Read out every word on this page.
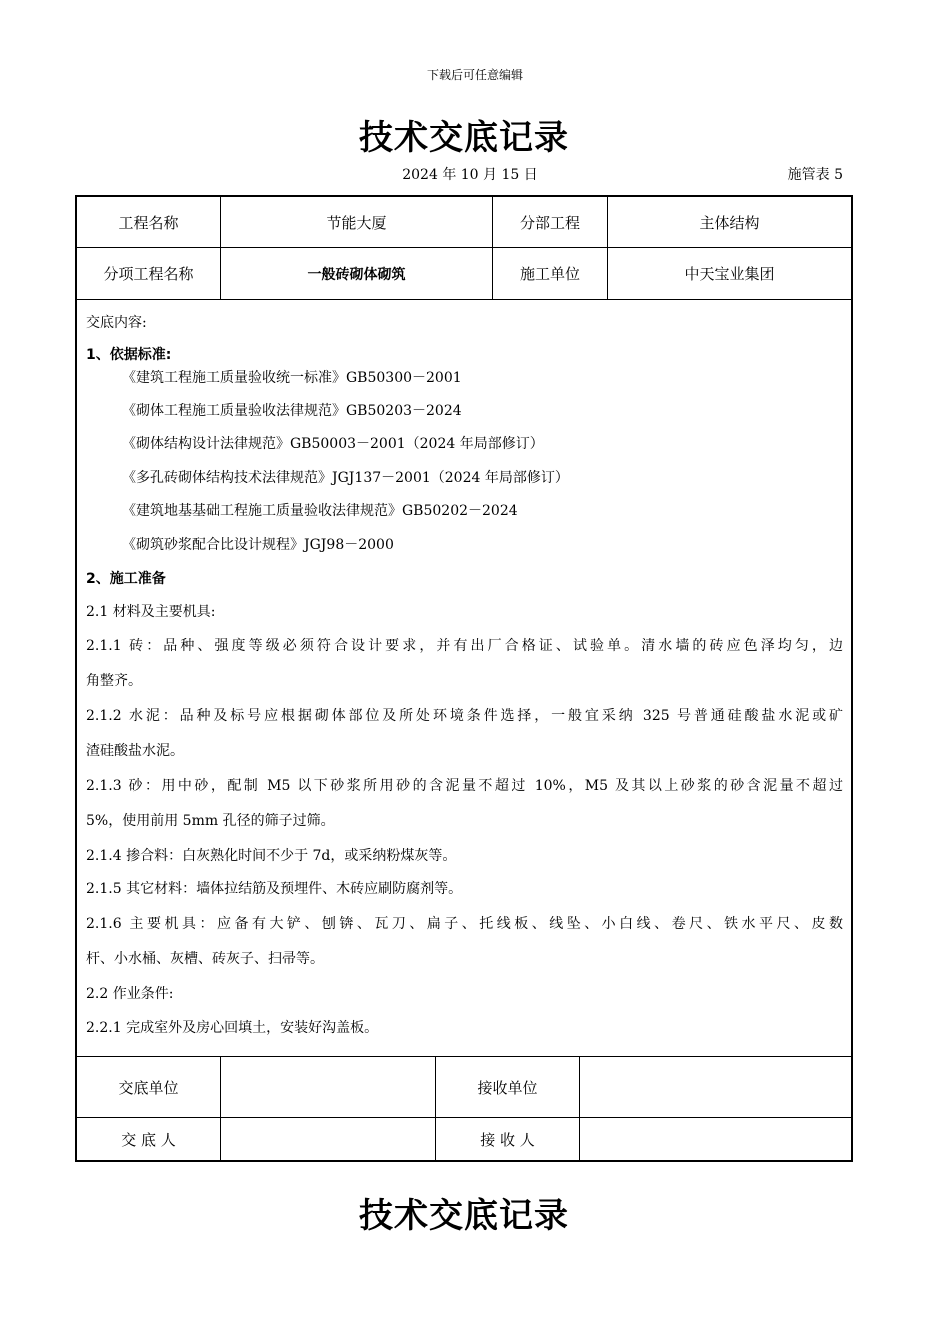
下载后可任意编辑
技术交底记录
2024 年 10 月 15 日	施管表 5
工程名称	节能大厦	分部工程	主体结构
分项工程名称	一般砖砌体砌筑	施工单位	中天宝业集团
交底内容:
1、依据标准:
《建筑工程施工质量验收统一标准》GB50300－2001
《砌体工程施工质量验收法律规范》GB50203－2024
《砌体结构设计法律规范》GB50003－2001（2024 年局部修订）
《多孔砖砌体结构技术法律规范》JGJ137－2001（2024 年局部修订）
《建筑地基基础工程施工质量验收法律规范》GB50202－2024
《砌筑砂浆配合比设计规程》JGJ98－2000
2、施工准备
2.1 材料及主要机具:
2.1.1 砖：品种、强度等级必须符合设计要求，并有出厂合格证、试验单。清水墙的砖应色泽均匀，边
角整齐。
2.1.2 水泥：品种及标号应根据砌体部位及所处环境条件选择，一般宜采纳 325 号普通硅酸盐水泥或矿
渣硅酸盐水泥。
2.1.3 砂：用中砂，配制 M5 以下砂浆所用砂的含泥量不超过 10%，M5 及其以上砂浆的砂含泥量不超过
5%，使用前用 5mm 孔径的筛子过筛。
2.1.4 掺合料：白灰熟化时间不少于 7d，或采纳粉煤灰等。
2.1.5 其它材料：墙体拉结筋及预埋件、木砖应刷防腐剂等。
2.1.6 主要机具：应备有大铲、刨锛、瓦刀、扁子、托线板、线坠、小白线、卷尺、铁水平尺、皮数
杆、小水桶、灰槽、砖灰子、扫帚等。
2.2 作业条件:
2.2.1 完成室外及房心回填土，安装好沟盖板。
交底单位	接收单位
交 底 人	接 收 人
技术交底记录
